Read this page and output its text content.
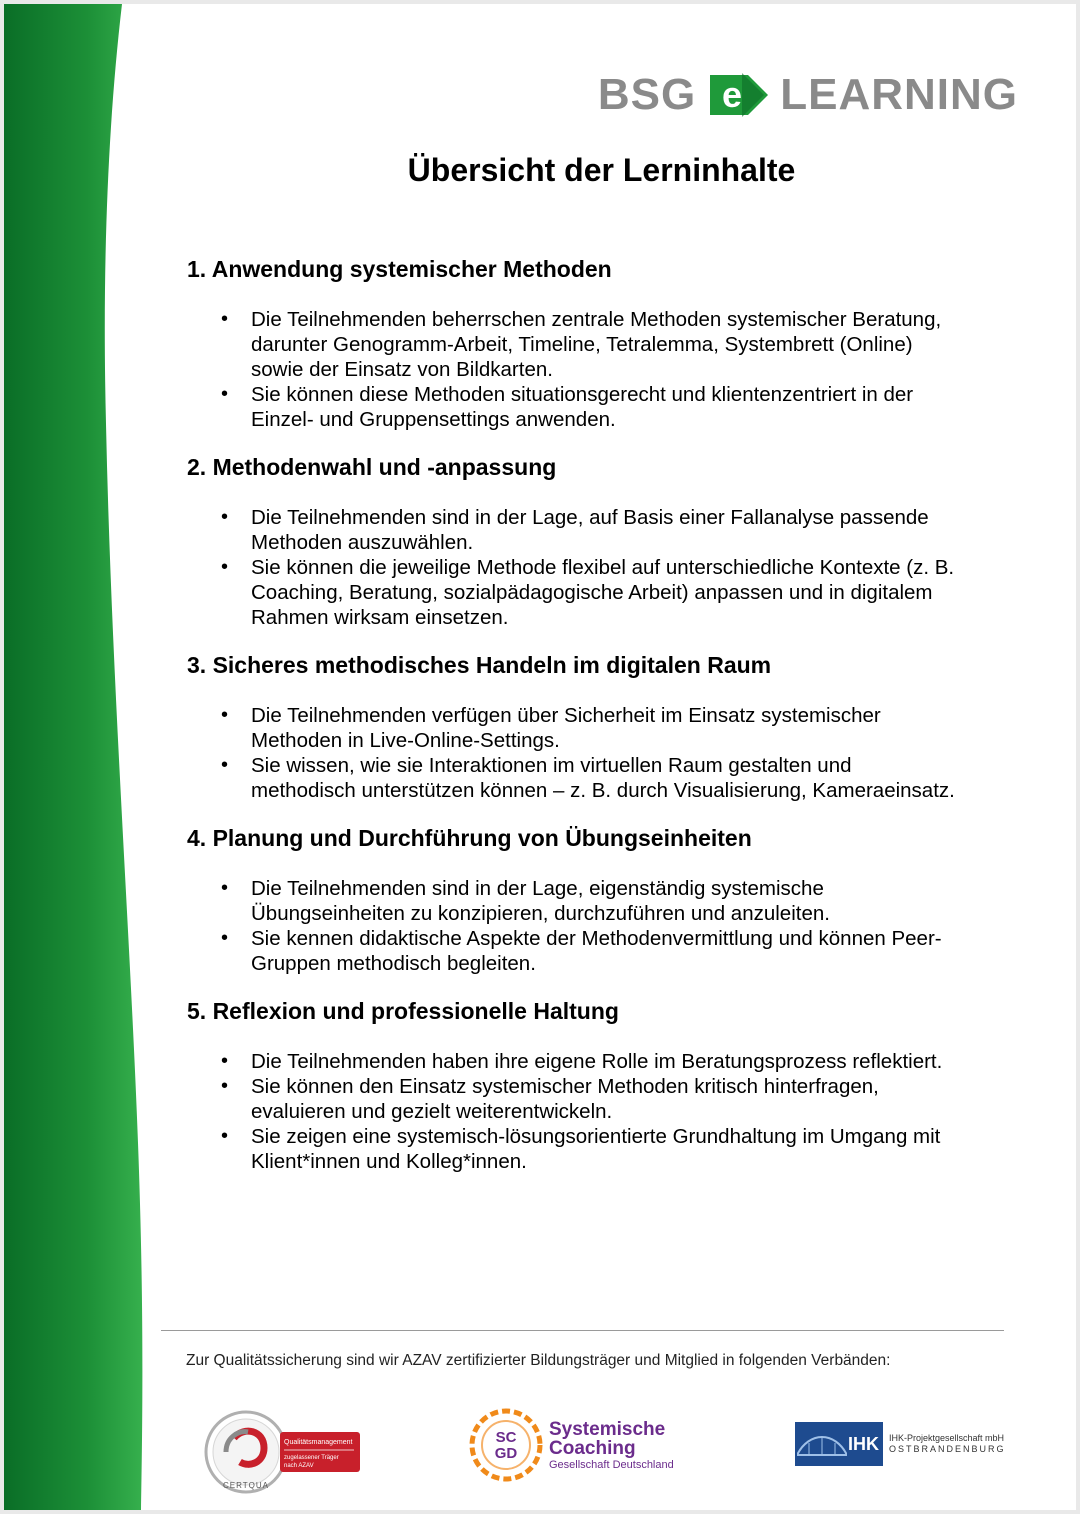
BSG e LEARNING
Übersicht der Lerninhalte
1. Anwendung systemischer Methoden
• Die Teilnehmenden beherrschen zentrale Methoden systemischer Beratung,
darunter Genogramm-Arbeit, Timeline, Tetralemma, Systembrett (Online)
sowie der Einsatz von Bildkarten.
• Sie können diese Methoden situationsgerecht und klientenzentriert in der
Einzel- und Gruppensettings anwenden.
2. Methodenwahl und -anpassung
• Die Teilnehmenden sind in der Lage, auf Basis einer Fallanalyse passende
Methoden auszuwählen.
• Sie können die jeweilige Methode flexibel auf unterschiedliche Kontexte (z. B.
Coaching, Beratung, sozialpädagogische Arbeit) anpassen und in digitalem
Rahmen wirksam einsetzen.
3. Sicheres methodisches Handeln im digitalen Raum
• Die Teilnehmenden verfügen über Sicherheit im Einsatz systemischer
Methoden in Live-Online-Settings.
• Sie wissen, wie sie Interaktionen im virtuellen Raum gestalten und
methodisch unterstützen können – z. B. durch Visualisierung, Kameraeinsatz.
4. Planung und Durchführung von Übungseinheiten
• Die Teilnehmenden sind in der Lage, eigenständig systemische
Übungseinheiten zu konzipieren, durchzuführen und anzuleiten.
• Sie kennen didaktische Aspekte der Methodenvermittlung und können Peer-
Gruppen methodisch begleiten.
5. Reflexion und professionelle Haltung
• Die Teilnehmenden haben ihre eigene Rolle im Beratungsprozess reflektiert.
• Sie können den Einsatz systemischer Methoden kritisch hinterfragen,
evaluieren und gezielt weiterentwickeln.
• Sie zeigen eine systemisch-lösungsorientierte Grundhaltung im Umgang mit
Klient*innen und Kolleg*innen.
Zur Qualitätssicherung sind wir AZAV zertifizierter Bildungsträger und Mitglied in folgenden Verbänden:
Qualitätsmanagement
zugelassener Träger
nach AZAV
CERTQUA
SC
GD
Systemische
Coaching
Gesellschaft Deutschland
IHK IHK-Projektgesellschaft mbH
OSTBRANDENBURG
